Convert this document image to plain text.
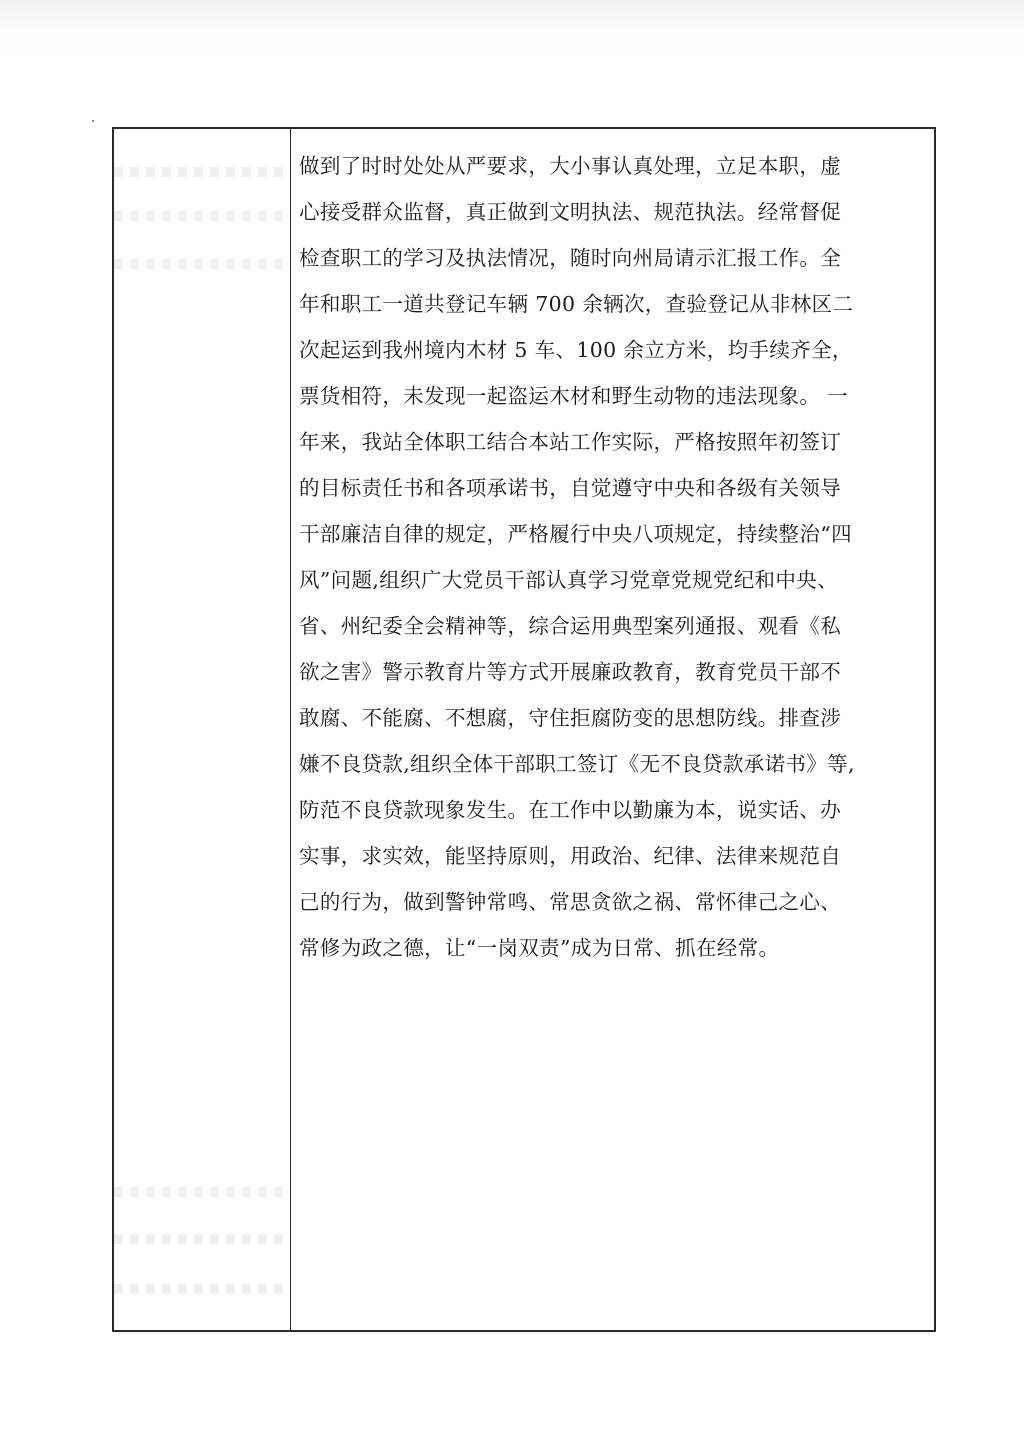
做到了时时处处从严要求，大小事认真处理，立足本职，虚
心接受群众监督，真正做到文明执法、规范执法。经常督促
检查职工的学习及执法情况，随时向州局请示汇报工作。全
年和职工一道共登记车辆 700 余辆次，查验登记从非林区二
次起运到我州境内木材 5 车、100 余立方米，均手续齐全，
票货相符，未发现一起盗运木材和野生动物的违法现象。 一
年来，我站全体职工结合本站工作实际，严格按照年初签订
的目标责任书和各项承诺书，自觉遵守中央和各级有关领导
干部廉洁自律的规定，严格履行中央八项规定，持续整治“四
风”问题,组织广大党员干部认真学习党章党规党纪和中央、
省、州纪委全会精神等，综合运用典型案列通报、观看《私
欲之害》警示教育片等方式开展廉政教育，教育党员干部不
敢腐、不能腐、不想腐，守住拒腐防变的思想防线。排查涉
嫌不良贷款,组织全体干部职工签订《无不良贷款承诺书》等,
防范不良贷款现象发生。在工作中以勤廉为本，说实话、办
实事，求实效，能坚持原则，用政治、纪律、法律来规范自
己的行为，做到警钟常鸣、常思贪欲之祸、常怀律己之心、
常修为政之德，让“一岗双责”成为日常、抓在经常。
